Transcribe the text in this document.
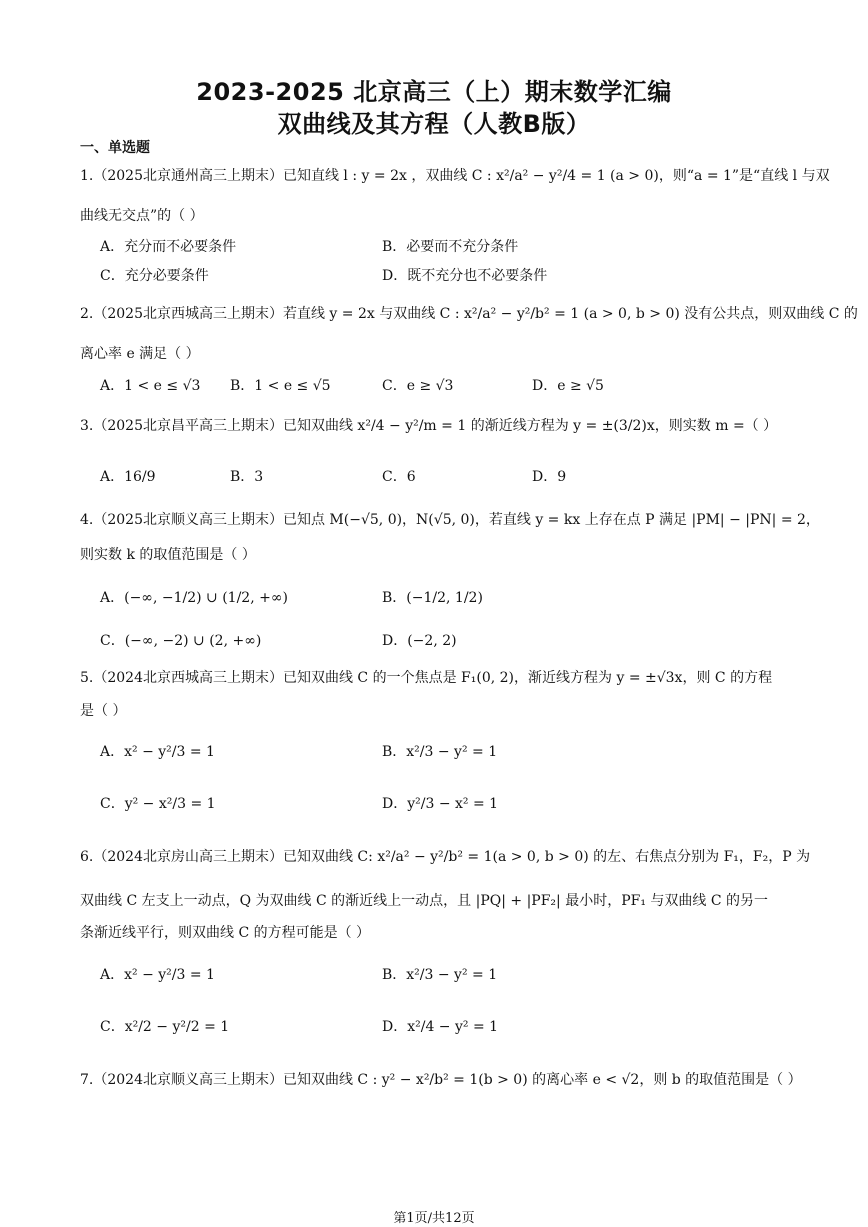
2023-2025 北京高三（上）期末数学汇编
双曲线及其方程（人教B版）
一、单选题
1.（2025北京通州高三上期末）已知直线 l : y = 2x ，双曲线 C : x²/a² − y²/4 = 1 (a > 0)，则“a = 1”是“直线 l 与双
曲线无交点”的（ ）
A．充分而不必要条件	B．必要而不充分条件
C．充分必要条件	D．既不充分也不必要条件
2.（2025北京西城高三上期末）若直线 y = 2x 与双曲线 C : x²/a² − y²/b² = 1 (a > 0, b > 0) 没有公共点，则双曲线 C 的
离心率 e 满足（ ）
A．1 < e ≤ √3 B．1 < e ≤ √5	C．e ≥ √3	D．e ≥ √5
3.（2025北京昌平高三上期末）已知双曲线 x²/4 − y²/m = 1 的渐近线方程为 y = ±(3/2)x，则实数 m =（ ）
A．16/9	B．3	C．6	D．9
4.（2025北京顺义高三上期末）已知点 M(−√5, 0)，N(√5, 0)，若直线 y = kx 上存在点 P 满足 |PM| − |PN| = 2，
则实数 k 的取值范围是（ ）
A．(−∞, −1/2) ∪ (1/2, +∞)	B．(−1/2, 1/2)
C．(−∞, −2) ∪ (2, +∞)	D．(−2, 2)
5.（2024北京西城高三上期末）已知双曲线 C 的一个焦点是 F₁(0, 2)，渐近线方程为 y = ±√3x，则 C 的方程
是（ ）
A．x² − y²/3 = 1	B．x²/3 − y² = 1
C．y² − x²/3 = 1	D．y²/3 − x² = 1
6.（2024北京房山高三上期末）已知双曲线 C: x²/a² − y²/b² = 1(a > 0, b > 0) 的左、右焦点分别为 F₁，F₂，P 为
双曲线 C 左支上一动点，Q 为双曲线 C 的渐近线上一动点，且 |PQ| + |PF₂| 最小时，PF₁ 与双曲线 C 的另一
条渐近线平行，则双曲线 C 的方程可能是（ ）
A．x² − y²/3 = 1	B．x²/3 − y² = 1
C．x²/2 − y²/2 = 1	D．x²/4 − y² = 1
7.（2024北京顺义高三上期末）已知双曲线 C : y² − x²/b² = 1(b > 0) 的离心率 e < √2，则 b 的取值范围是（ ）
第1页/共12页
